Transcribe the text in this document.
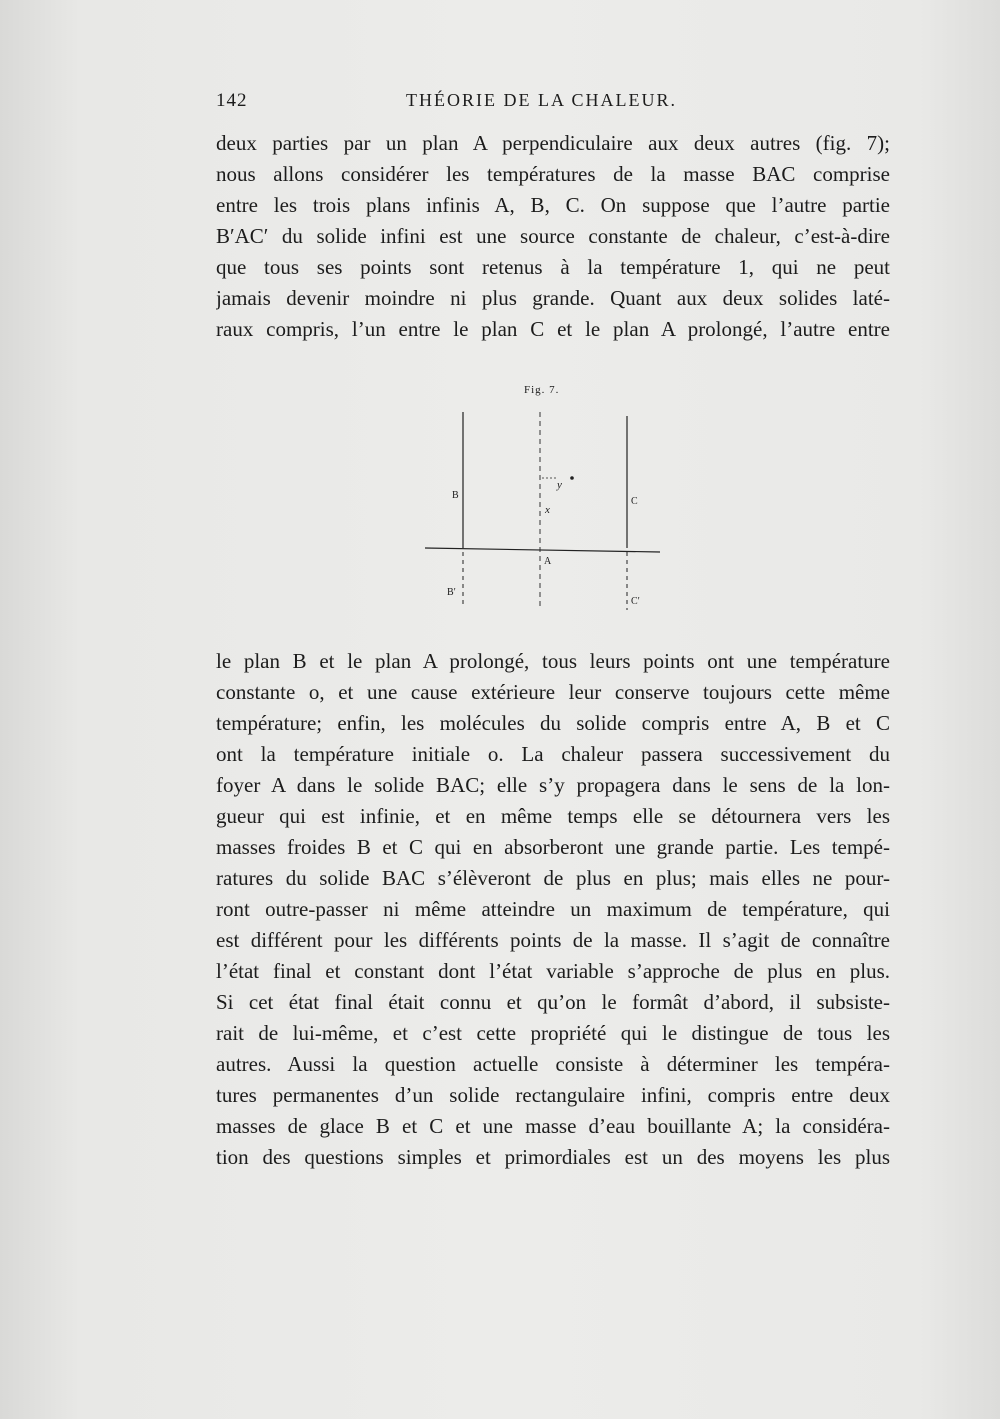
142	THÉORIE DE LA CHALEUR.
deux parties par un plan A perpendiculaire aux deux autres (fig. 7);
nous allons considérer les températures de la masse BAC comprise
entre les trois plans infinis A, B, C. On suppose que l’autre partie
B′AC′ du solide infini est une source constante de chaleur, c’est-à-dire
que tous ses points sont retenus à la température 1, qui ne peut
jamais devenir moindre ni plus grande. Quant aux deux solides laté-
raux compris, l’un entre le plan C et le plan A prolongé, l’autre entre
Fig. 7.
B
C
A
B′
C′
x
y
le plan B et le plan A prolongé, tous leurs points ont une température
constante o, et une cause extérieure leur conserve toujours cette même
température; enfin, les molécules du solide compris entre A, B et C
ont la température initiale o. La chaleur passera successivement du
foyer A dans le solide BAC; elle s’y propagera dans le sens de la lon-
gueur qui est infinie, et en même temps elle se détournera vers les
masses froides B et C qui en absorberont une grande partie. Les tempé-
ratures du solide BAC s’élèveront de plus en plus; mais elles ne pour-
ront outre-passer ni même atteindre un maximum de température, qui
est différent pour les différents points de la masse. Il s’agit de connaître
l’état final et constant dont l’état variable s’approche de plus en plus.
Si cet état final était connu et qu’on le formât d’abord, il subsiste-
rait de lui-même, et c’est cette propriété qui le distingue de tous les
autres. Aussi la question actuelle consiste à déterminer les tempéra-
tures permanentes d’un solide rectangulaire infini, compris entre deux
masses de glace B et C et une masse d’eau bouillante A; la considéra-
tion des questions simples et primordiales est un des moyens les plus
